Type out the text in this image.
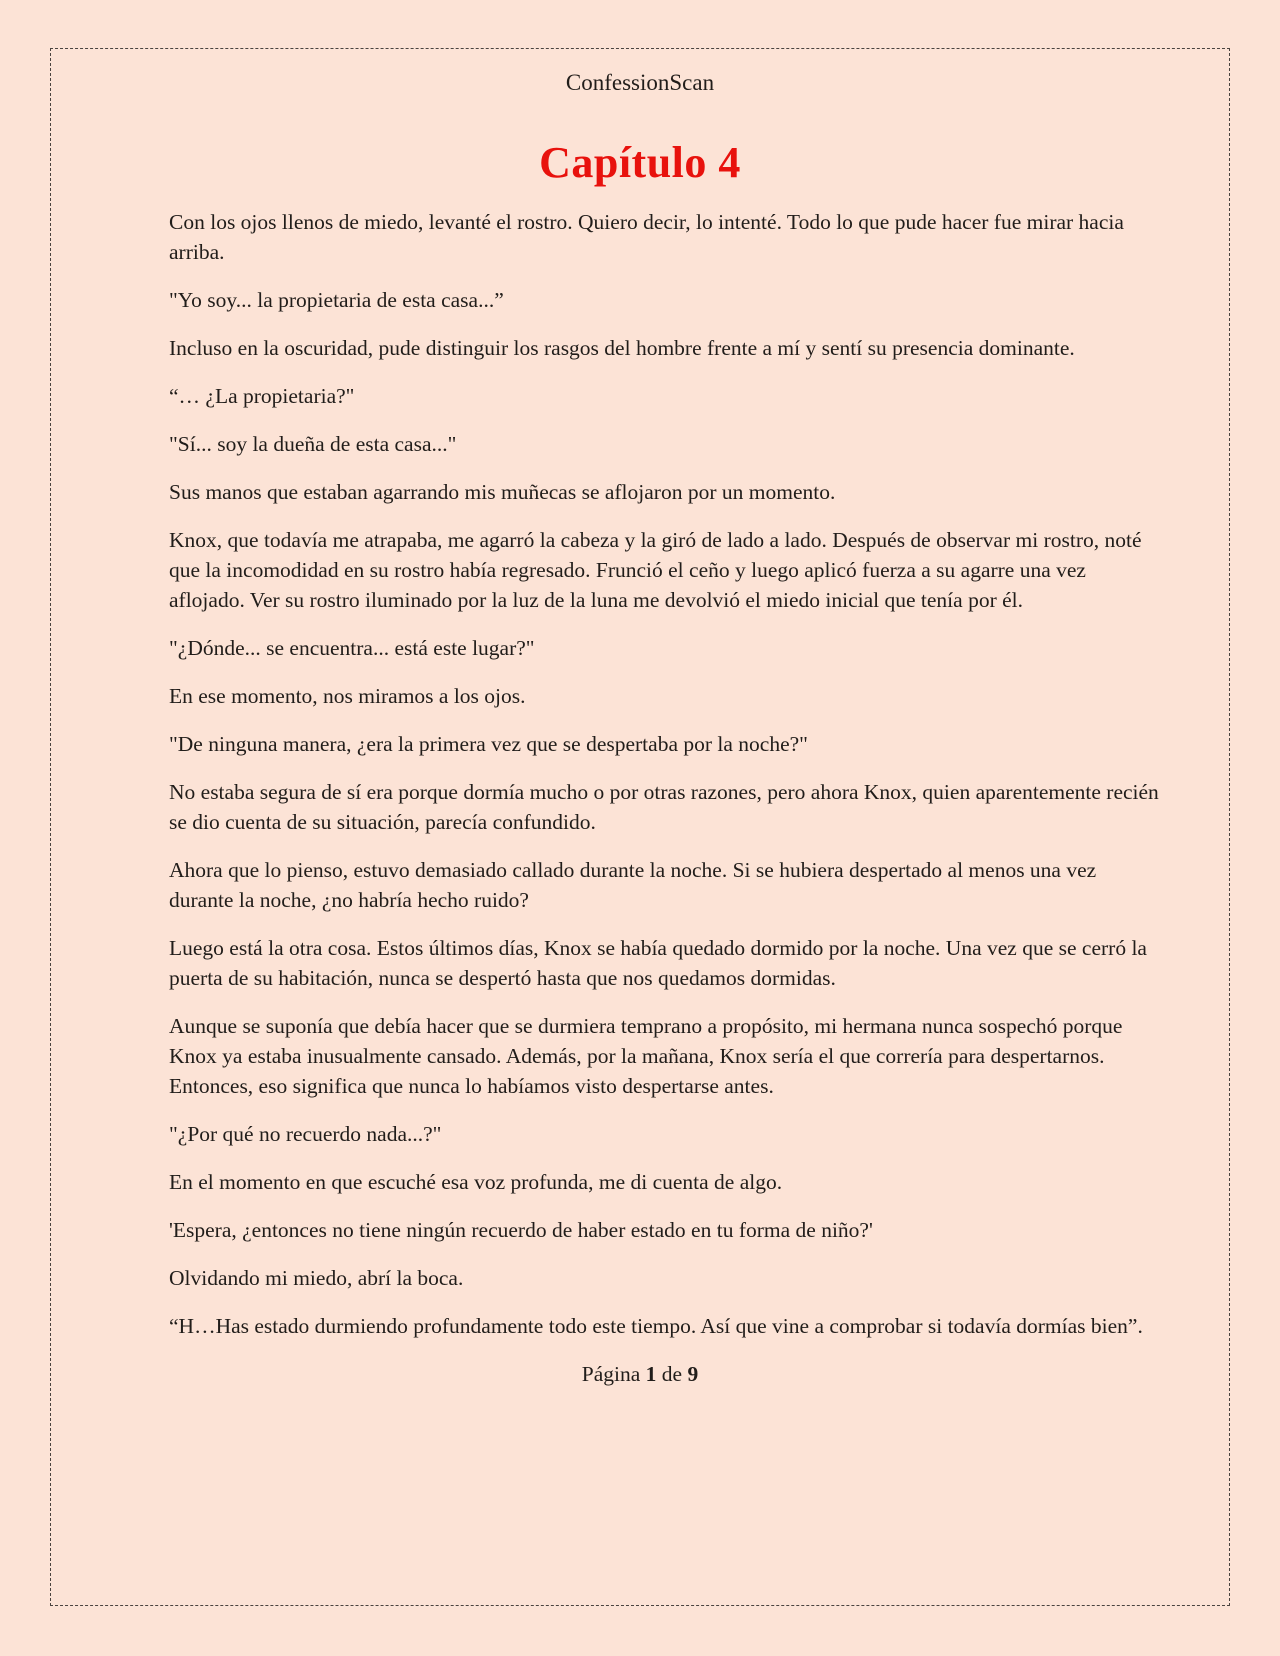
ConfessionScan
Capítulo 4

Con los ojos llenos de miedo, levanté el rostro. Quiero decir, lo intenté. Todo lo que pude hacer fue mirar hacia arriba.

"Yo soy... la propietaria de esta casa...”

Incluso en la oscuridad, pude distinguir los rasgos del hombre frente a mí y sentí su presencia dominante.

“… ¿La propietaria?"

"Sí... soy la dueña de esta casa..."

Sus manos que estaban agarrando mis muñecas se aflojaron por un momento.

Knox, que todavía me atrapaba, me agarró la cabeza y la giró de lado a lado. Después de observar mi rostro, noté que la incomodidad en su rostro había regresado. Frunció el ceño y luego aplicó fuerza a su agarre una vez aflojado. Ver su rostro iluminado por la luz de la luna me devolvió el miedo inicial que tenía por él.

"¿Dónde... se encuentra... está este lugar?"

En ese momento, nos miramos a los ojos.

"De ninguna manera, ¿era la primera vez que se despertaba por la noche?"

No estaba segura de sí era porque dormía mucho o por otras razones, pero ahora Knox, quien aparentemente recién se dio cuenta de su situación, parecía confundido.

Ahora que lo pienso, estuvo demasiado callado durante la noche. Si se hubiera despertado al menos una vez durante la noche, ¿no habría hecho ruido?

Luego está la otra cosa. Estos últimos días, Knox se había quedado dormido por la noche. Una vez que se cerró la puerta de su habitación, nunca se despertó hasta que nos quedamos dormidas.

Aunque se suponía que debía hacer que se durmiera temprano a propósito, mi hermana nunca sospechó porque Knox ya estaba inusualmente cansado. Además, por la mañana, Knox sería el que correría para despertarnos. Entonces, eso significa que nunca lo habíamos visto despertarse antes.

"¿Por qué no recuerdo nada...?"

En el momento en que escuché esa voz profunda, me di cuenta de algo.

'Espera, ¿entonces no tiene ningún recuerdo de haber estado en tu forma de niño?'

Olvidando mi miedo, abrí la boca.

“H…Has estado durmiendo profundamente todo este tiempo. Así que vine a comprobar si todavía dormías bien”.

Página 1 de 9
